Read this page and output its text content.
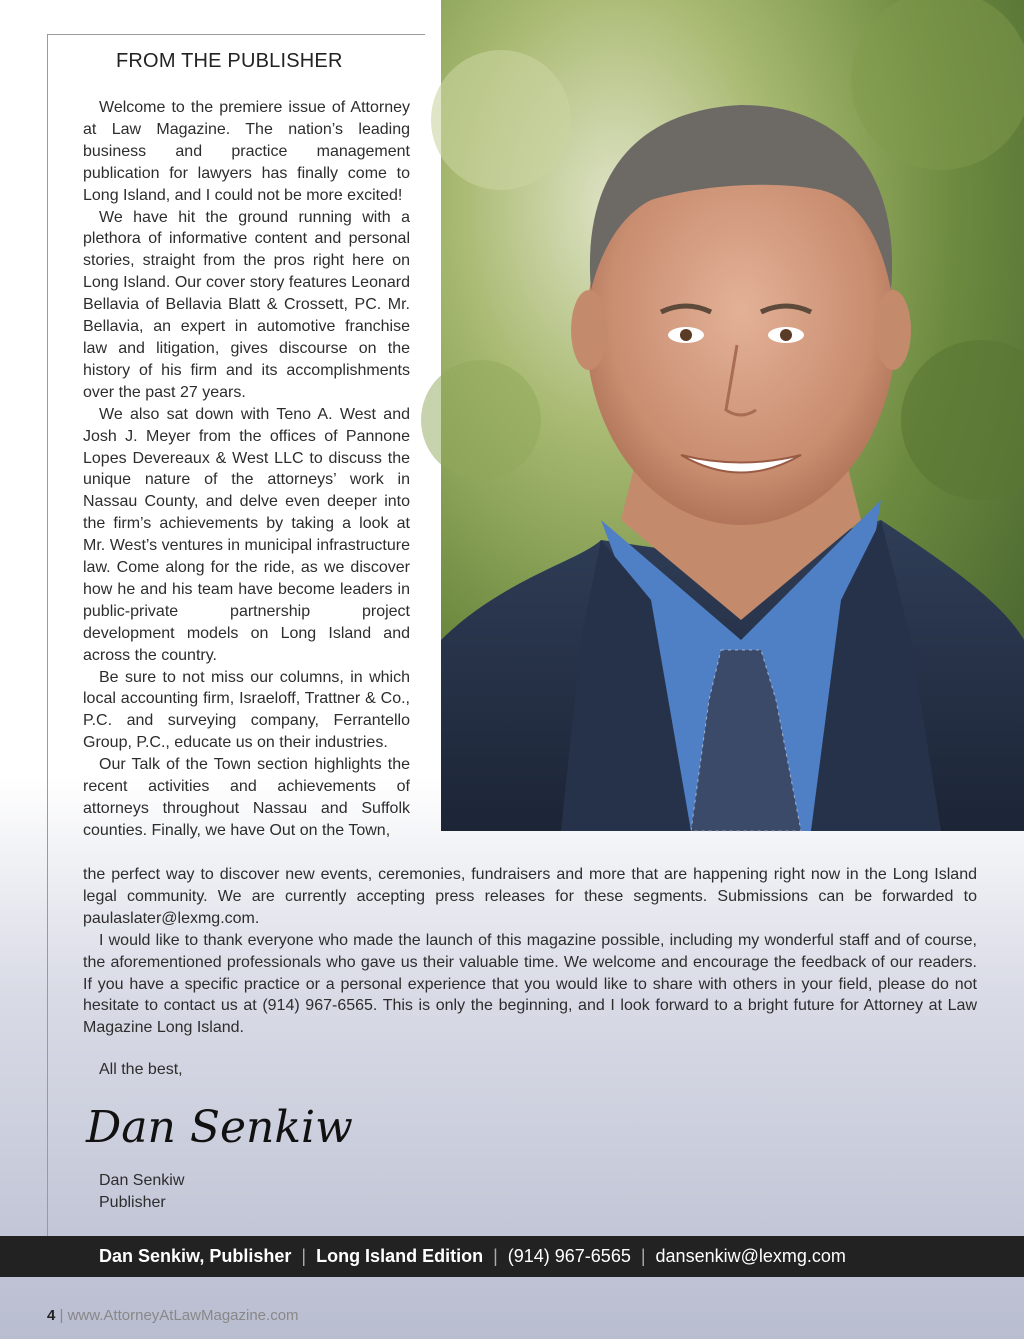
FROM THE PUBLISHER

Welcome to the premiere issue of Attorney at Law Magazine. The nation’s leading business and practice management publication for lawyers has finally come to Long Island, and I could not be more excited!

We have hit the ground running with a plethora of informative content and personal stories, straight from the pros right here on Long Island. Our cover story features Leonard Bellavia of Bellavia Blatt & Crossett, PC. Mr. Bellavia, an expert in automotive franchise law and litigation, gives discourse on the history of his firm and its accomplishments over the past 27 years.

We also sat down with Teno A. West and Josh J. Meyer from the offices of Pannone Lopes Devereaux & West LLC to discuss the unique nature of the attorneys’ work in Nassau County, and delve even deeper into the firm’s achievements by taking a look at Mr. West’s ventures in municipal infrastructure law. Come along for the ride, as we discover how he and his team have become leaders in public-private partnership project development models on Long Island and across the country.

Be sure to not miss our columns, in which local accounting firm, Israeloff, Trattner & Co., P.C. and surveying company, Ferrantello Group, P.C., educate us on their industries.

Our Talk of the Town section highlights the recent activities and achievements of attorneys throughout Nassau and Suffolk counties. Finally, we have Out on the Town,

the perfect way to discover new events, ceremonies, fundraisers and more that are happening right now in the Long Island legal community. We are currently accepting press releases for these segments. Submissions can be forwarded to paulaslater@lexmg.com.

I would like to thank everyone who made the launch of this magazine possible, including my wonderful staff and of course, the aforementioned professionals who gave us their valuable time. We welcome and encourage the feedback of our readers. If you have a specific practice or a personal experience that you would like to share with others in your field, please do not hesitate to contact us at (914) 967-6565. This is only the beginning, and I look forward to a bright future for Attorney at Law Magazine Long Island.

All the best,
Dan Senkiw
Dan Senkiw
Publisher
Dan Senkiw, Publisher | Long Island Edition | (914) 967-6565 | dansenkiw@lexmg.com
4 | www.AttorneyAtLawMagazine.com
